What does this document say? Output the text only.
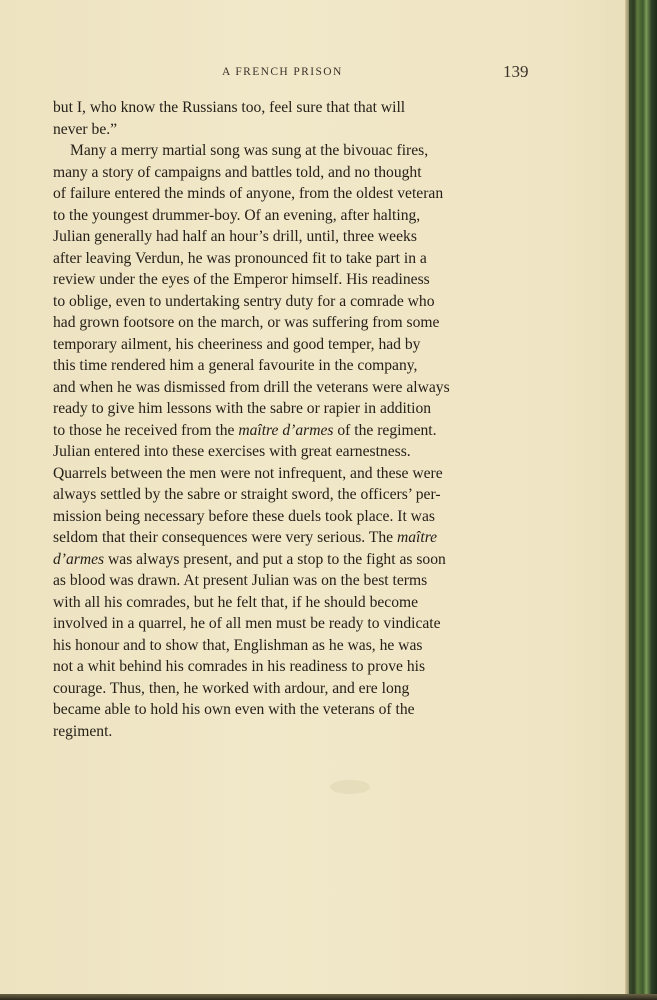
A FRENCH PRISON	139
but I, who know the Russians too, feel sure that that will
never be.”
Many a merry martial song was sung at the bivouac fires,
many a story of campaigns and battles told, and no thought
of failure entered the minds of anyone, from the oldest veteran
to the youngest drummer-boy. Of an evening, after halting,
Julian generally had half an hour’s drill, until, three weeks
after leaving Verdun, he was pronounced fit to take part in a
review under the eyes of the Emperor himself. His readiness
to oblige, even to undertaking sentry duty for a comrade who
had grown footsore on the march, or was suffering from some
temporary ailment, his cheeriness and good temper, had by
this time rendered him a general favourite in the company,
and when he was dismissed from drill the veterans were always
ready to give him lessons with the sabre or rapier in addition
to those he received from the maître d’armes of the regiment.
Julian entered into these exercises with great earnestness.
Quarrels between the men were not infrequent, and these were
always settled by the sabre or straight sword, the officers’ per-
mission being necessary before these duels took place. It was
seldom that their consequences were very serious. The maître
d’armes was always present, and put a stop to the fight as soon
as blood was drawn. At present Julian was on the best terms
with all his comrades, but he felt that, if he should become
involved in a quarrel, he of all men must be ready to vindicate
his honour and to show that, Englishman as he was, he was
not a whit behind his comrades in his readiness to prove his
courage. Thus, then, he worked with ardour, and ere long
became able to hold his own even with the veterans of the
regiment.
